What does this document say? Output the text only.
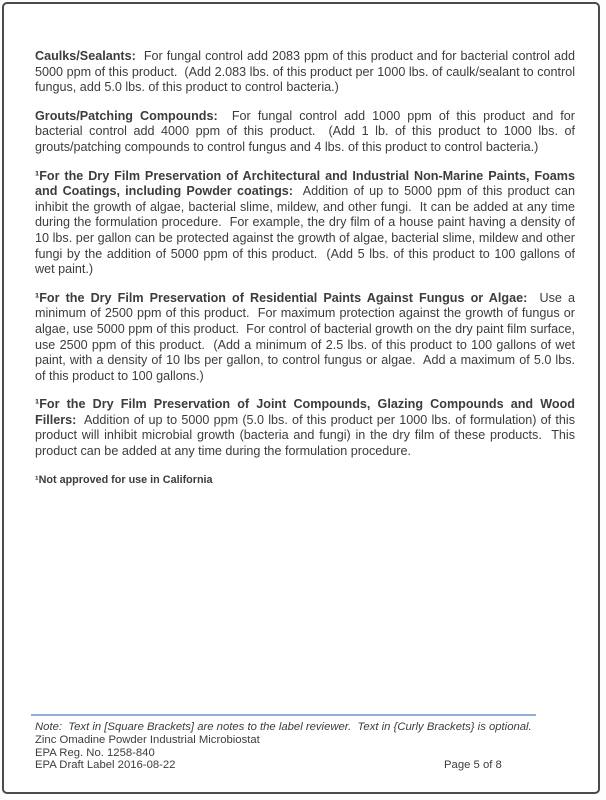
Caulks/Sealants:  For fungal control add 2083 ppm of this product and for bacterial control add 5000 ppm of this product.  (Add 2.083 lbs. of this product per 1000 lbs. of caulk/sealant to control fungus, add 5.0 lbs. of this product to control bacteria.)

Grouts/Patching Compounds:  For fungal control add 1000 ppm of this product and for bacterial control add 4000 ppm of this product.  (Add 1 lb. of this product to 1000 lbs. of grouts/patching compounds to control fungus and 4 lbs. of this product to control bacteria.)

¹For the Dry Film Preservation of Architectural and Industrial Non-Marine Paints, Foams and Coatings, including Powder coatings:  Addition of up to 5000 ppm of this product can inhibit the growth of algae, bacterial slime, mildew, and other fungi.  It can be added at any time during the formulation procedure.  For example, the dry film of a house paint having a density of 10 lbs. per gallon can be protected against the growth of algae, bacterial slime, mildew and other fungi by the addition of 5000 ppm of this product.  (Add 5 lbs. of this product to 100 gallons of wet paint.)

¹For the Dry Film Preservation of Residential Paints Against Fungus or Algae:  Use a minimum of 2500 ppm of this product.  For maximum protection against the growth of fungus or algae, use 5000 ppm of this product.  For control of bacterial growth on the dry paint film surface, use 2500 ppm of this product.  (Add a minimum of 2.5 lbs. of this product to 100 gallons of wet paint, with a density of 10 lbs per gallon, to control fungus or algae.  Add a maximum of 5.0 lbs. of this product to 100 gallons.)

¹For the Dry Film Preservation of Joint Compounds, Glazing Compounds and Wood Fillers:  Addition of up to 5000 ppm (5.0 lbs. of this product per 1000 lbs. of formulation) of this product will inhibit microbial growth (bacteria and fungi) in the dry film of these products.  This product can be added at any time during the formulation procedure.

¹Not approved for use in California

Note:  Text in [Square Brackets] are notes to the label reviewer.  Text in {Curly Brackets} is optional.
Zinc Omadine Powder Industrial Microbiostat
EPA Reg. No. 1258-840
EPA Draft Label 2016-08-22	Page 5 of 8
